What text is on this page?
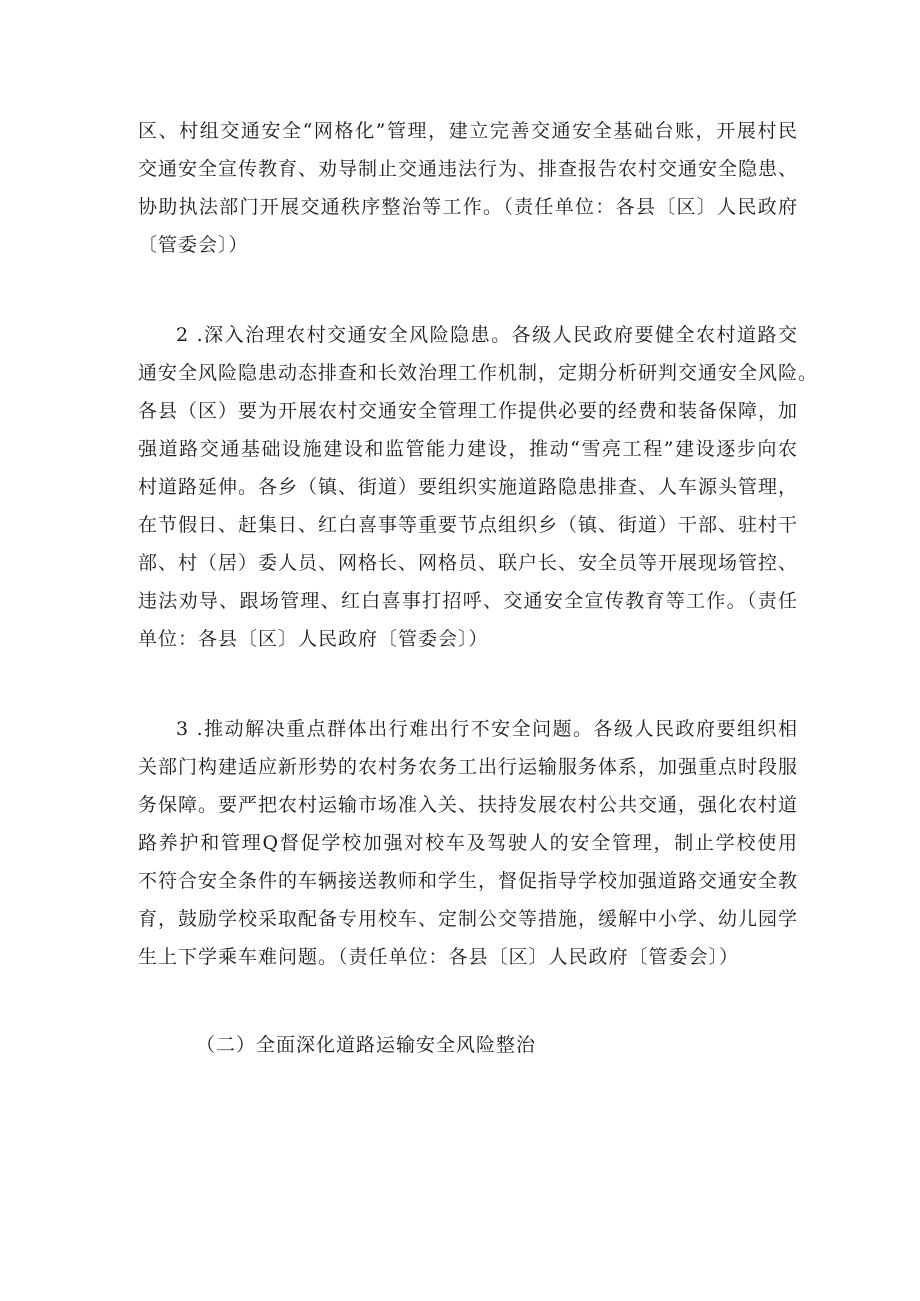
区、村组交通安全“网格化”管理，建立完善交通安全基础台账，开展村民
交通安全宣传教育、劝导制止交通违法行为、排查报告农村交通安全隐患、
协助执法部门开展交通秩序整治等工作。（责任单位：各县〔区〕人民政府
〔管委会〕）
2 .深入治理农村交通安全风险隐患。各级人民政府要健全农村道路交
通安全风险隐患动态排查和长效治理工作机制，定期分析研判交通安全风险。
各县（区）要为开展农村交通安全管理工作提供必要的经费和装备保障，加
强道路交通基础设施建设和监管能力建设，推动“雪亮工程”建设逐步向农
村道路延伸。各乡（镇、街道）要组织实施道路隐患排查、人车源头管理，
在节假日、赶集日、红白喜事等重要节点组织乡（镇、街道）干部、驻村干
部、村（居）委人员、网格长、网格员、联户长、安全员等开展现场管控、
违法劝导、跟场管理、红白喜事打招呼、交通安全宣传教育等工作。（责任
单位：各县〔区〕人民政府〔管委会〕）
3 .推动解决重点群体出行难出行不安全问题。各级人民政府要组织相
关部门构建适应新形势的农村务农务工出行运输服务体系，加强重点时段服
务保障。要严把农村运输市场准入关、扶持发展农村公共交通，强化农村道
路养护和管理Q督促学校加强对校车及驾驶人的安全管理，制止学校使用
不符合安全条件的车辆接送教师和学生，督促指导学校加强道路交通安全教
育，鼓励学校采取配备专用校车、定制公交等措施，缓解中小学、幼儿园学
生上下学乘车难问题。（责任单位：各县〔区〕人民政府〔管委会〕）
（二）全面深化道路运输安全风险整治
